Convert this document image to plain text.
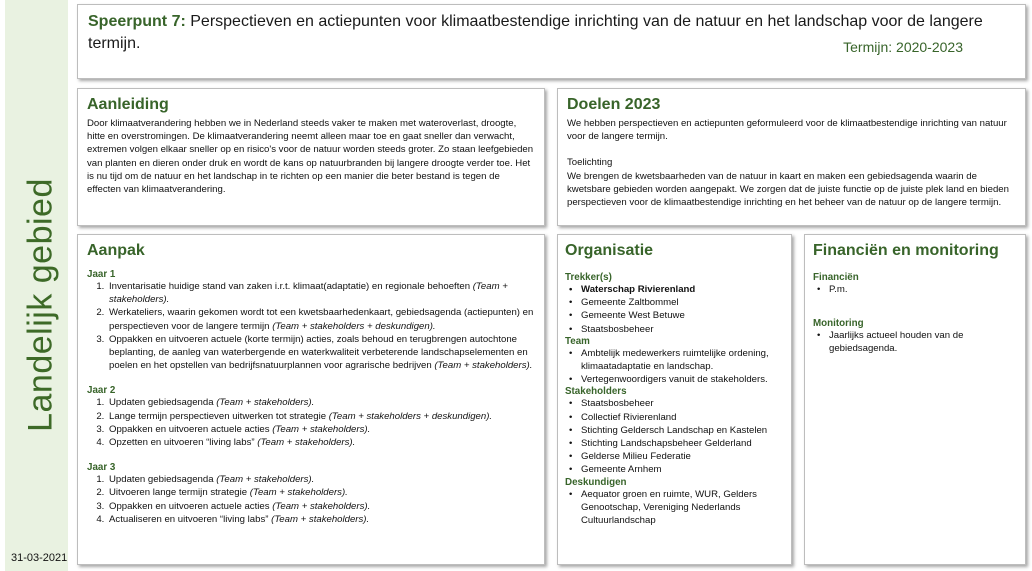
Landelijk gebied
31-03-2021
Speerpunt 7: Perspectieven en actiepunten voor klimaatbestendige inrichting van de natuur en het landschap voor de langere termijn.	Termijn: 2020-2023
Aanleiding
Door klimaatverandering hebben we in Nederland steeds vaker te maken met wateroverlast, droogte, hitte en overstromingen. De klimaatverandering neemt alleen maar toe en gaat sneller dan verwacht, extremen volgen elkaar sneller op en risico's voor de natuur worden steeds groter. Zo staan leefgebieden van planten en dieren onder druk en wordt de kans op natuurbranden bij langere droogte verder toe. Het is nu tijd om de natuur en het landschap in te richten op een manier die beter bestand is tegen de effecten van klimaatverandering.
Doelen 2023
We hebben perspectieven en actiepunten geformuleerd voor de klimaatbestendige inrichting van natuur voor de langere termijn.
Toelichting
We brengen de kwetsbaarheden van de natuur in kaart en maken een gebiedsagenda waarin de kwetsbare gebieden worden aangepakt. We zorgen dat de juiste functie op de juiste plek land en bieden perspectieven voor de klimaatbestendige inrichting en het beheer van de natuur op de langere termijn.
Aanpak
Jaar 1
1. Inventarisatie huidige stand van zaken i.r.t. klimaat(adaptatie) en regionale behoeften (Team + stakeholders).
2. Werkateliers, waarin gekomen wordt tot een kwetsbaarhedenkaart, gebiedsagenda (actiepunten) en perspectieven voor de langere termijn (Team + stakeholders + deskundigen).
3. Oppakken en uitvoeren actuele (korte termijn) acties, zoals behoud en terugbrengen autochtone beplanting, de aanleg van waterbergende en waterkwaliteit verbeterende landschapselementen en poelen en het opstellen van bedrijfsnatuurplannen voor agrarische bedrijven (Team + stakeholders).
Jaar 2
1. Updaten gebiedsagenda (Team + stakeholders).
2. Lange termijn perspectieven uitwerken tot strategie (Team + stakeholders + deskundigen).
3. Oppakken en uitvoeren actuele acties (Team + stakeholders).
4. Opzetten en uitvoeren “living labs” (Team + stakeholders).
Jaar 3
1. Updaten gebiedsagenda (Team + stakeholders).
2. Uitvoeren lange termijn strategie (Team + stakeholders).
3. Oppakken en uitvoeren actuele acties (Team + stakeholders).
4. Actualiseren en uitvoeren “living labs” (Team + stakeholders).
Organisatie
Trekker(s)
• Waterschap Rivierenland
• Gemeente Zaltbommel
• Gemeente West Betuwe
• Staatsbosbeheer
Team
• Ambtelijk medewerkers ruimtelijke ordening, klimaatadaptatie en landschap.
• Vertegenwoordigers vanuit de stakeholders.
Stakeholders
• Staatsbosbeheer
• Collectief Rivierenland
• Stichting Geldersch Landschap en Kastelen
• Stichting Landschapsbeheer Gelderland
• Gelderse Milieu Federatie
• Gemeente Arnhem
Deskundigen
• Aequator groen en ruimte, WUR, Gelders Genootschap, Vereniging Nederlands Cultuurlandschap
Financiën en monitoring
Financiën
• P.m.
Monitoring
• Jaarlijks actueel houden van de gebiedsagenda.
